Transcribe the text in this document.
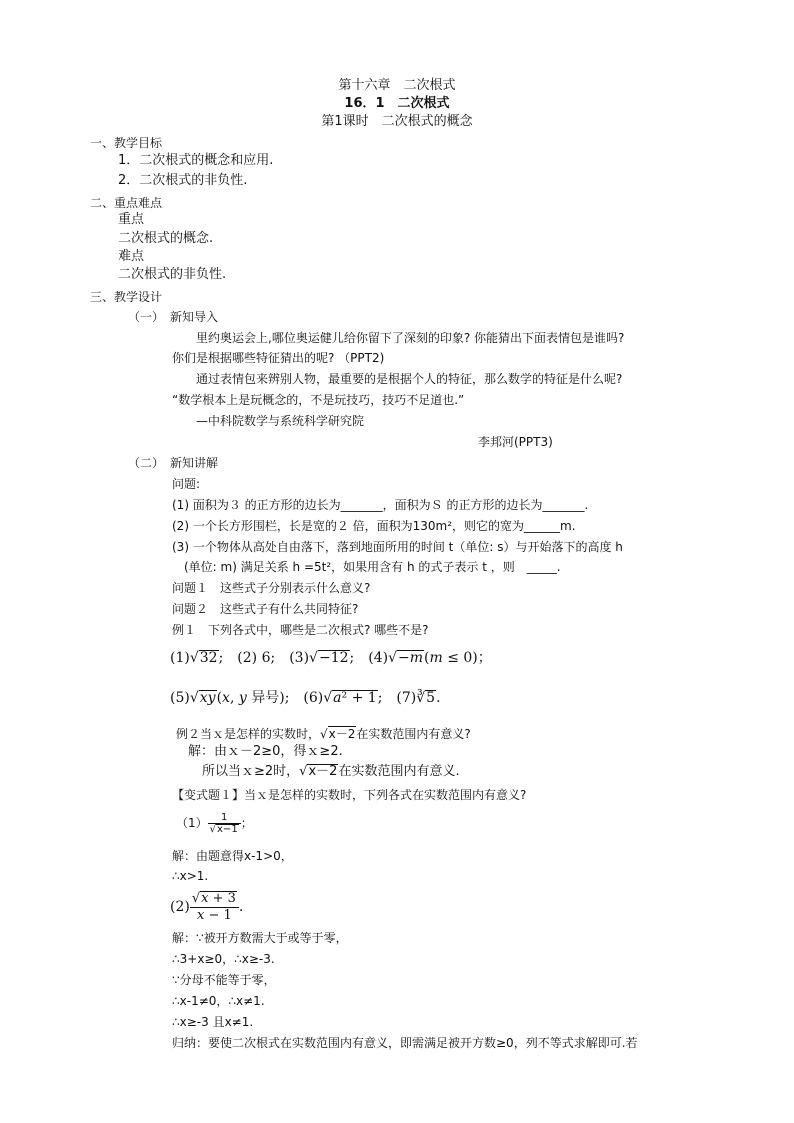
第十六章　二次根式
16．1　二次根式
第1课时　二次根式的概念
一、教学目标
1．二次根式的概念和应用.
2．二次根式的非负性.
二、重点难点
重点
二次根式的概念.
难点
二次根式的非负性.
三、教学设计
（一）　新知导入
　　里约奥运会上,哪位奥运健儿给你留下了深刻的印象? 你能猜出下面表情包是谁吗?
你们是根据哪些特征猜出的呢? （PPT2)
　　通过表情包来辨别人物，最重要的是根据个人的特征，那么数学的特征是什么呢?
“数学根本上是玩概念的，不是玩技巧，技巧不足道也.”
—中科院数学与系统科学研究院
李邦河(PPT3)
（二）　新知讲解
问题:
(1) 面积为３ 的正方形的边长为_______，面积为Ｓ 的正方形的边长为_______.
(2) 一个长方形围栏，长是宽的２ 倍，面积为130m²，则它的宽为______m.
(3) 一个物体从高处自由落下，落到地面所用的时间 t（单位: s）与开始落下的高度 h
　(单位: m) 满足关系 h =5t²，如果用含有 h 的式子表示 t ，则　_____.
问题１　这些式子分别表示什么意义?
问题２　这些式子有什么共同特征?
例１　下列各式中，哪些是二次根式? 哪些不是?
(1)√32;　(2) 6;　(3)√−12;　(4)√−m(m ≤ 0)；
(5)√xy(x, y 异号);　(6)√a² + 1;　(7)∛5.
例２当ｘ是怎样的实数时，√x－2在实数范围内有意义?
解：由ｘ－2≥0，得ｘ≥2.
所以当ｘ≥2时，√x－2在实数范围内有意义.
【变式题１】当ｘ是怎样的实数时，下列各式在实数范围内有意义?
$(1) \frac{1}{√x-1}$ ；
解：由题意得x-1>0，
∴x>1.
$(2) \frac{√x + 3}{x - 1}$ .
解：∵被开方数需大于或等于零，
∴3+x≥0，∴x≥-3.
∵分母不能等于零，
∴x-1≠0，∴x≠1.
∴x≥-3 且x≠1.
归纳：要使二次根式在实数范围内有意义，即需满足被开方数≥0，列不等式求解即可.若
